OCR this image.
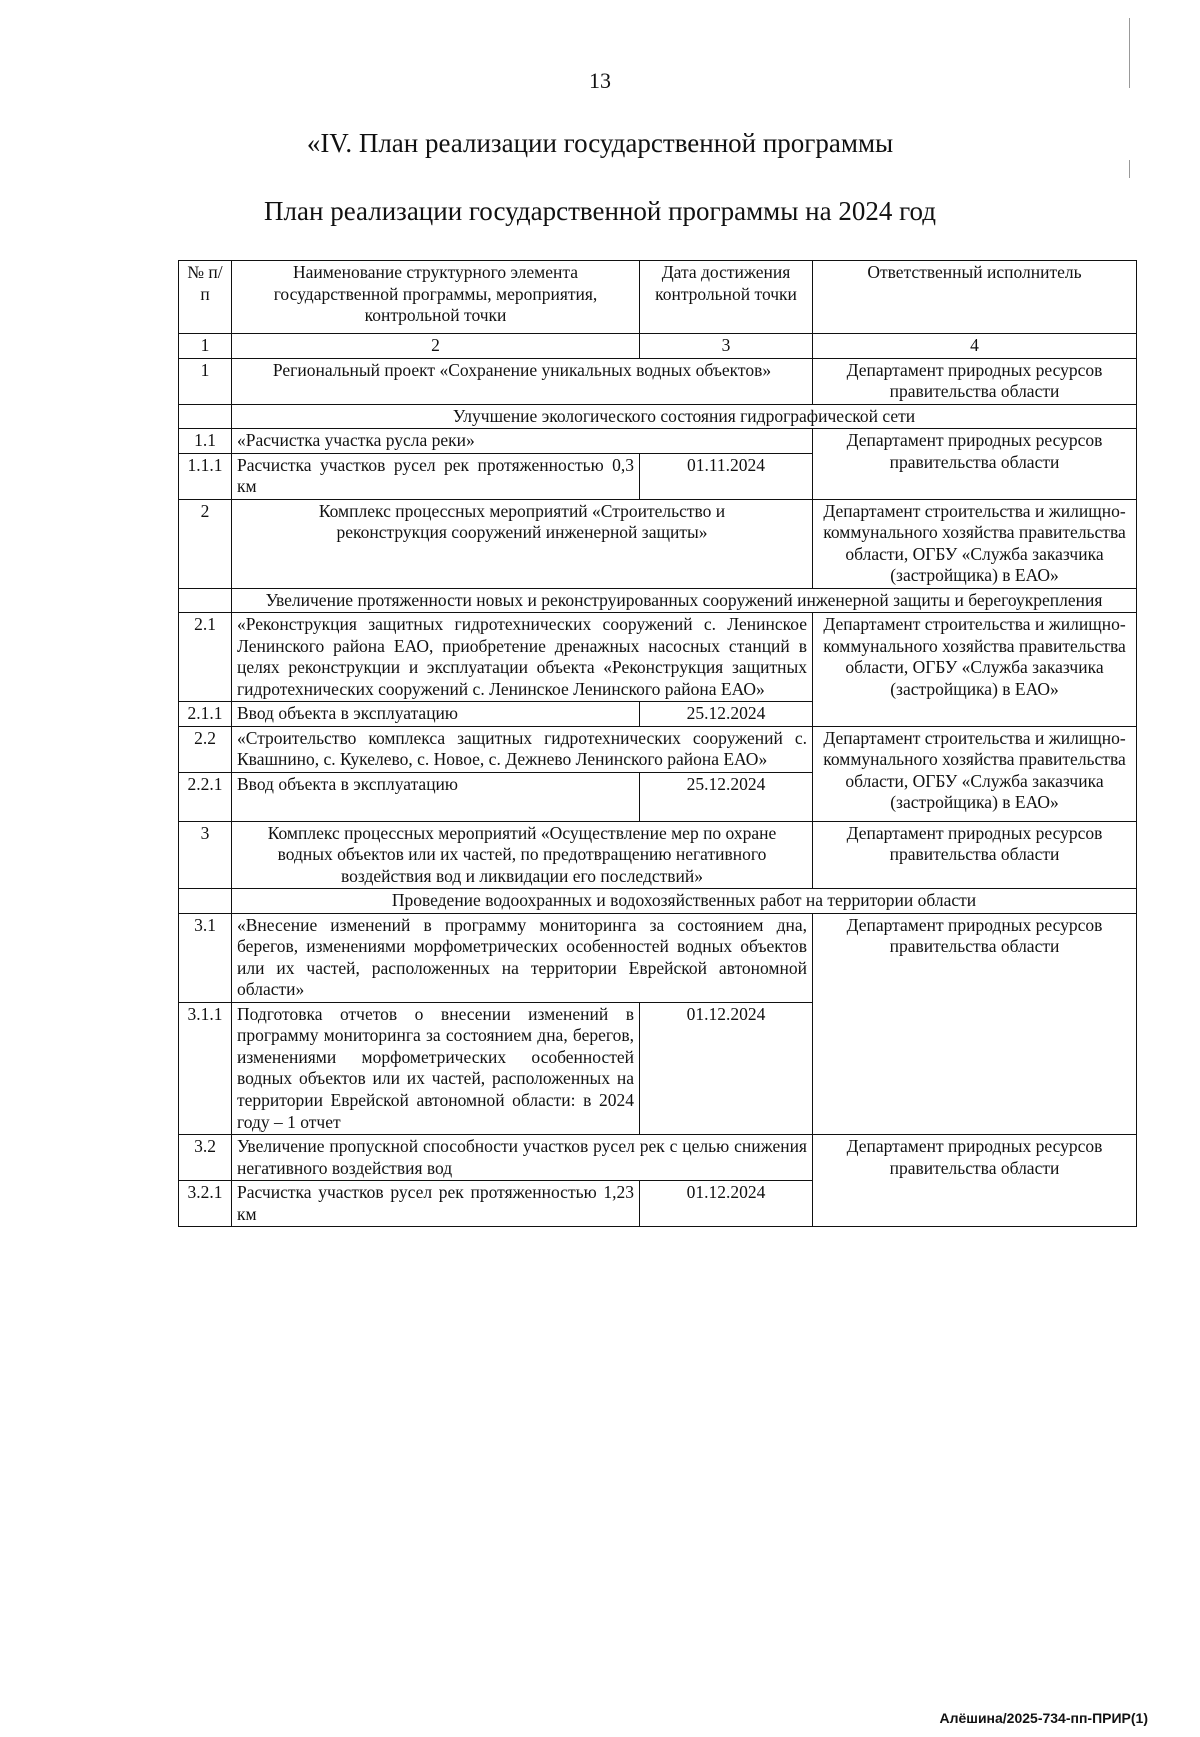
13
«IV. План реализации государственной программы
План реализации государственной программы на 2024 год
№ п/п	Наименование структурного элемента государственной программы, мероприятия, контрольной точки	Дата достижения контрольной точки	Ответственный исполнитель
1	2	3	4
1	Региональный проект «Сохранение уникальных водных объектов»		Департамент природных ресурсов правительства области
	Улучшение экологического состояния гидрографической сети		
1.1	«Расчистка участка русла реки»		Департамент природных ресурсов правительства области
1.1.1	Расчистка участков русел рек протяженностью 0,3 км	01.11.2024	
2	Комплекс процессных мероприятий «Строительство и реконструкция сооружений инженерной защиты»		Департамент строительства и жилищно-коммунального хозяйства правительства области, ОГБУ «Служба заказчика (застройщика) в ЕАО»
	Увеличение протяженности новых и реконструированных сооружений инженерной защиты и берегоукрепления		
2.1	«Реконструкция защитных гидротехнических сооружений с. Ленинское Ленинского района ЕАО, приобретение дренажных насосных станций в целях реконструкции и эксплуатации объекта «Реконструкция защитных гидротехнических сооружений с. Ленинское Ленинского района ЕАО»		Департамент строительства и жилищно-коммунального хозяйства правительства области, ОГБУ «Служба заказчика (застройщика) в ЕАО»
2.1.1	Ввод объекта в эксплуатацию	25.12.2024	
2.2	«Строительство комплекса защитных гидротехнических сооружений с. Квашнино, с. Кукелево, с. Новое, с. Дежнево Ленинского района ЕАО»		Департамент строительства и жилищно-коммунального хозяйства правительства области, ОГБУ «Служба заказчика (застройщика) в ЕАО»
2.2.1	Ввод объекта в эксплуатацию	25.12.2024	
3	Комплекс процессных мероприятий «Осуществление мер по охране водных объектов или их частей, по предотвращению негативного воздействия вод и ликвидации его последствий»		Департамент природных ресурсов правительства области
	Проведение водоохранных и водохозяйственных работ на территории области		
3.1	«Внесение изменений в программу мониторинга за состоянием дна, берегов, изменениями морфометрических особенностей водных объектов или их частей, расположенных на территории Еврейской автономной области»		Департамент природных ресурсов правительства области
3.1.1	Подготовка отчетов о внесении изменений в программу мониторинга за состоянием дна, берегов, изменениями морфометрических особенностей водных объектов или их частей, расположенных на территории Еврейской автономной области: в 2024 году – 1 отчет	01.12.2024	
3.2	Увеличение пропускной способности участков русел рек с целью снижения негативного воздействия вод		Департамент природных ресурсов правительства области
3.2.1	Расчистка участков русел рек протяженностью 1,23 км	01.12.2024	
Алёшина/2025-734-пп-ПРИР(1)
